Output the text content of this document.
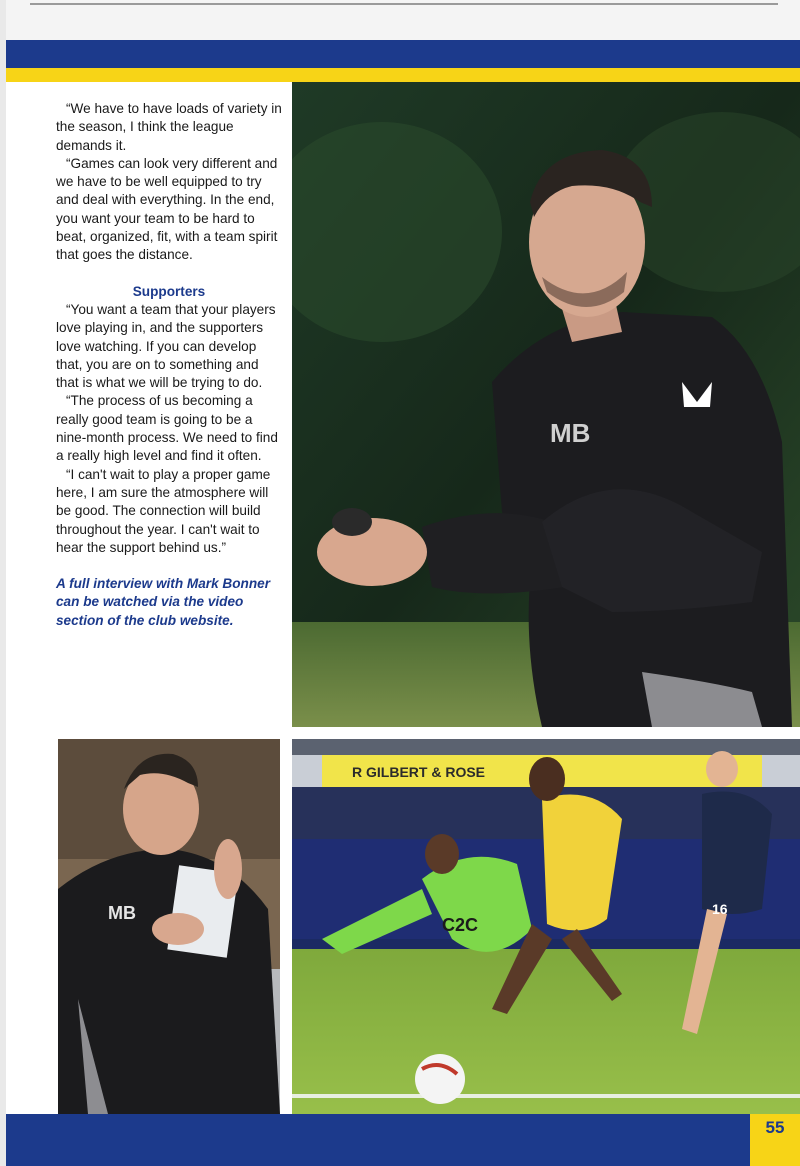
“We have to have loads of variety in the season, I think the league demands it.

“Games can look very different and we have to be well equipped to try and deal with everything. In the end, you want your team to be hard to beat, organized, fit, with a team spirit that goes the distance.

Supporters

“You want a team that your players love playing in, and the supporters love watching. If you can develop that, you are on to something and that is what we will be trying to do.

“The process of us becoming a really good team is going to be a nine-month process. We need to find a really high level and find it often.

“I can't wait to play a proper game here, I am sure the atmosphere will be good. The connection will build throughout the year. I can't wait to hear the support behind us.”

A full interview with Mark Bonner can be watched via the video section of the club website.

MB
MB
R GILBERT & ROSE
C2C
16
55
